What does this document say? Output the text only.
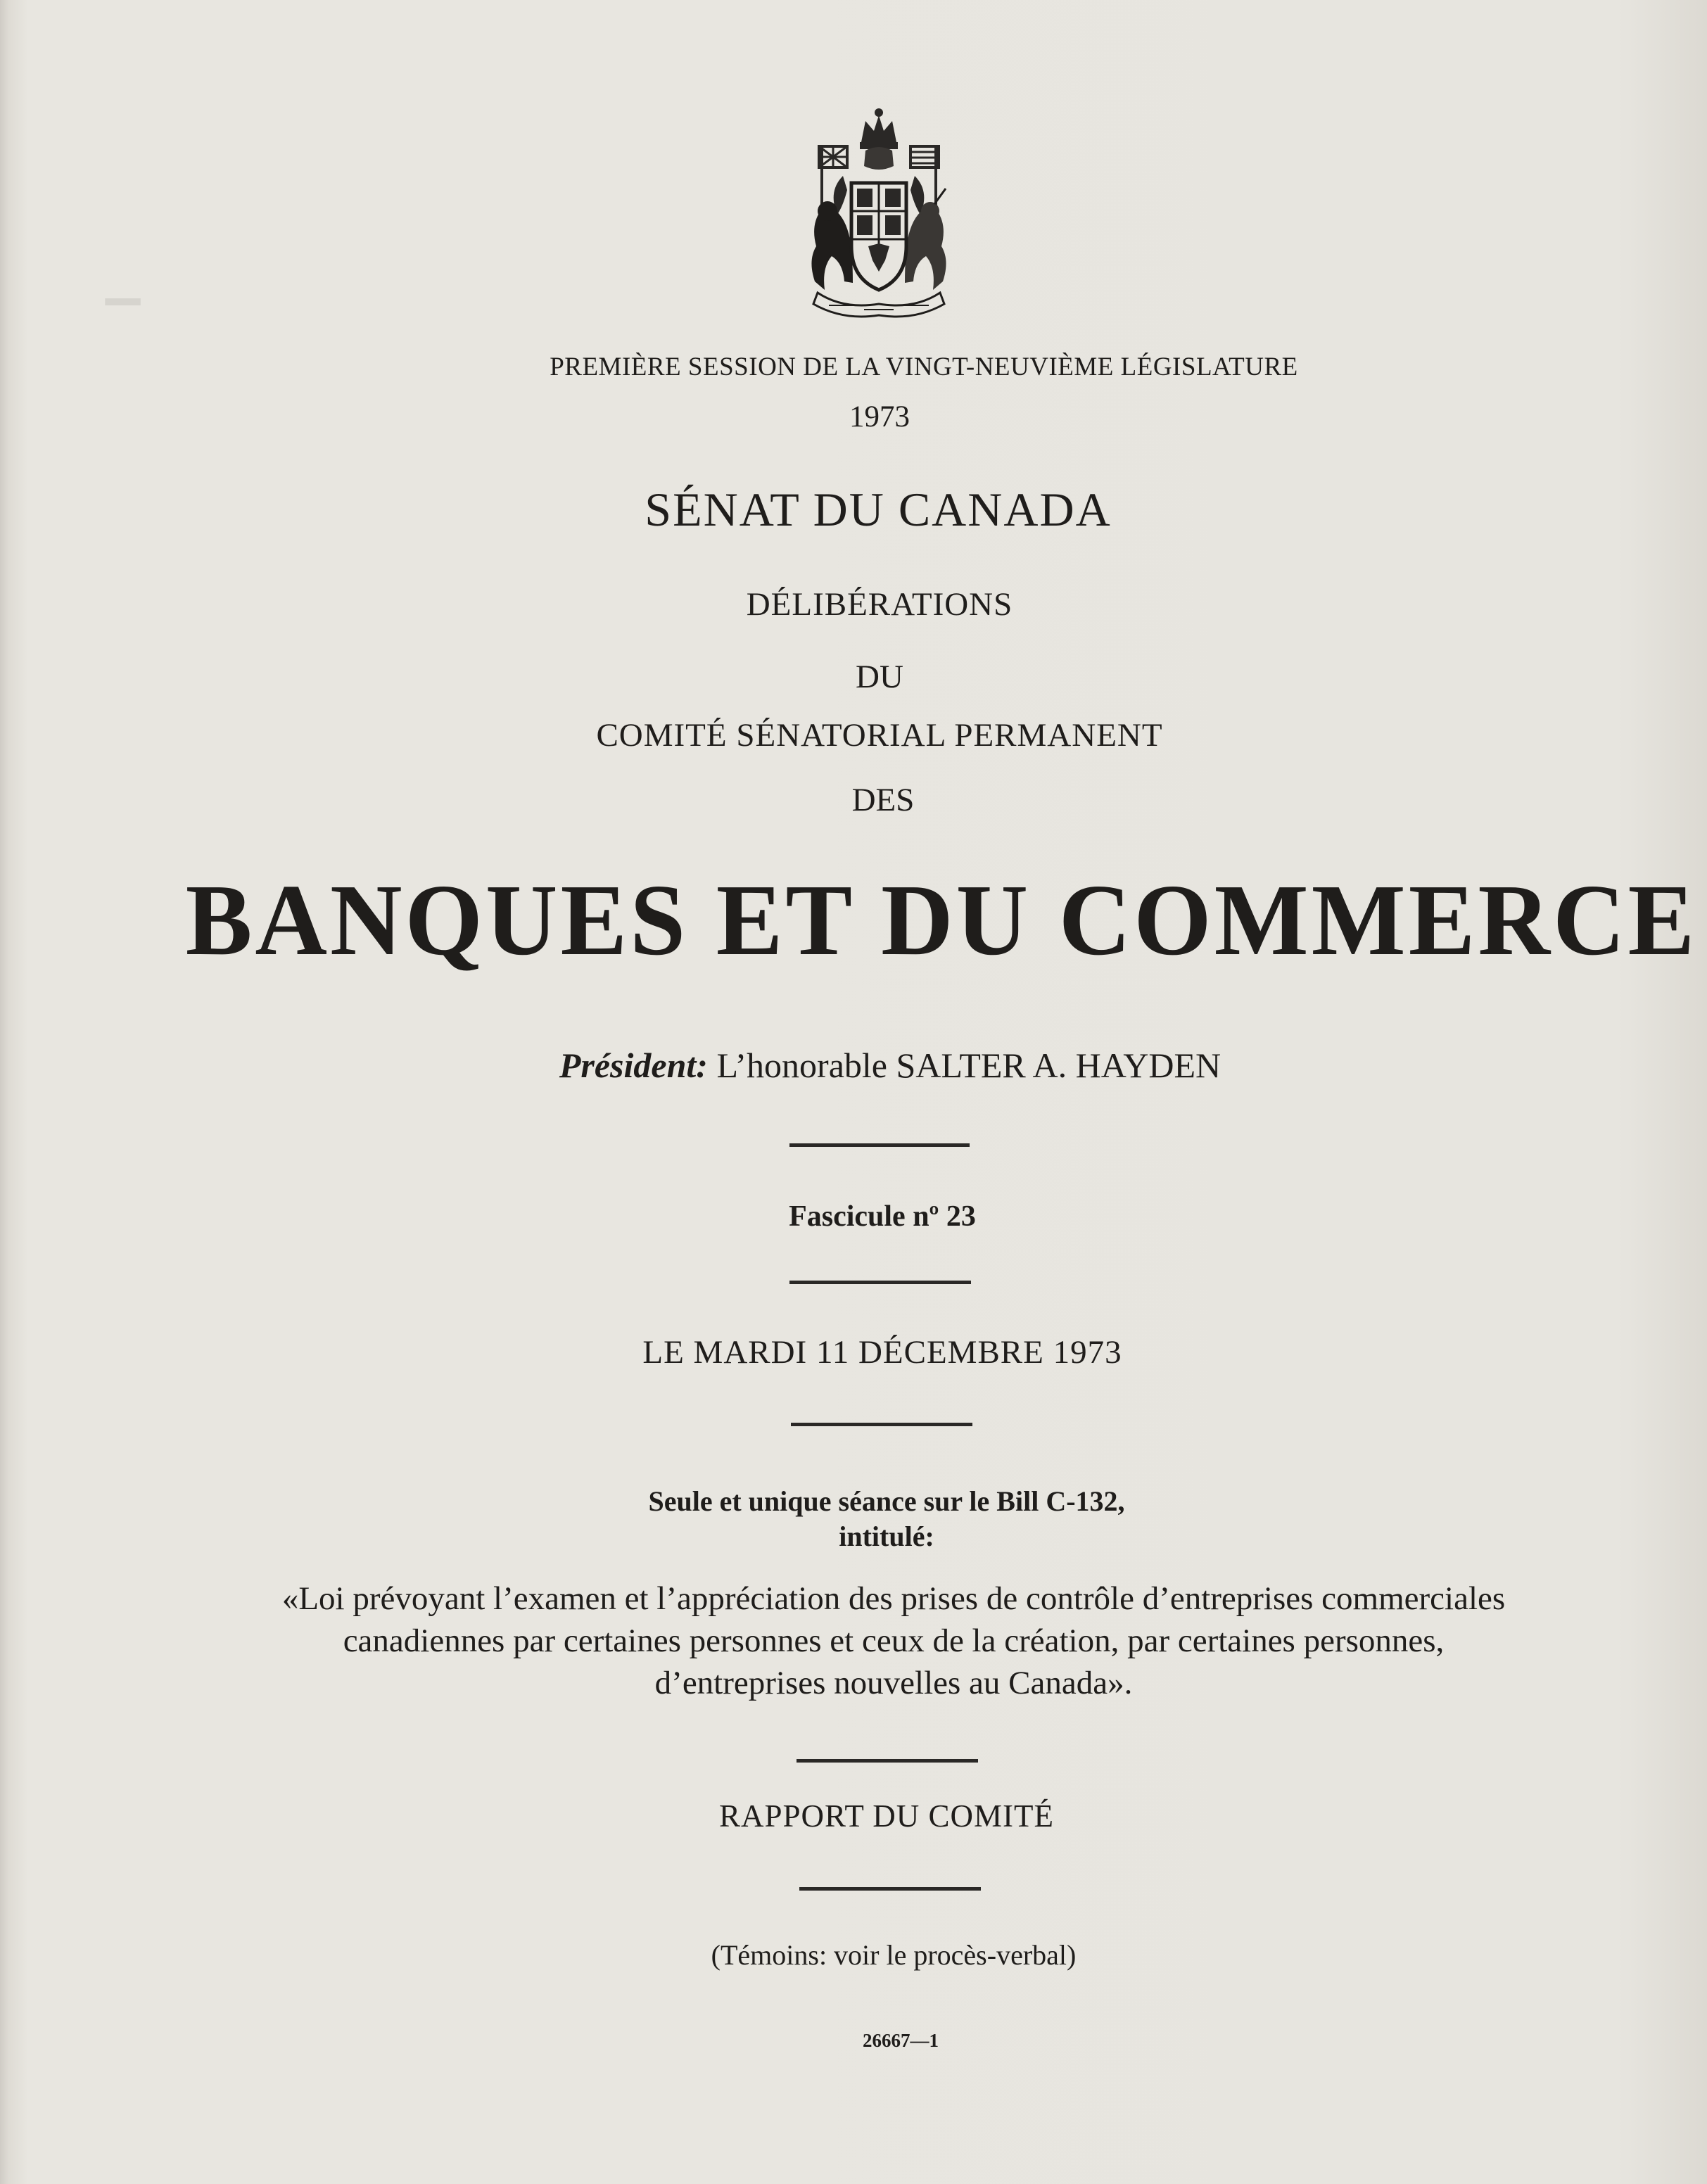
▁
PREMIÈRE SESSION DE LA VINGT-NEUVIÈME LÉGISLATURE
1973
SÉNAT DU CANADA
DÉLIBÉRATIONS
DU
COMITÉ SÉNATORIAL PERMANENT
DES
BANQUES ET DU COMMERCE
Président: L’honorable SALTER A. HAYDEN
Fascicule nº 23
LE MARDI 11 DÉCEMBRE 1973
Seule et unique séance sur le Bill C-132,
intitulé:
«Loi prévoyant l’examen et l’appréciation des prises de contrôle d’entreprises commerciales
canadiennes par certaines personnes et ceux de la création, par certaines personnes,
d’entreprises nouvelles au Canada».
RAPPORT DU COMITÉ
(Témoins: voir le procès-verbal)
26667—1
